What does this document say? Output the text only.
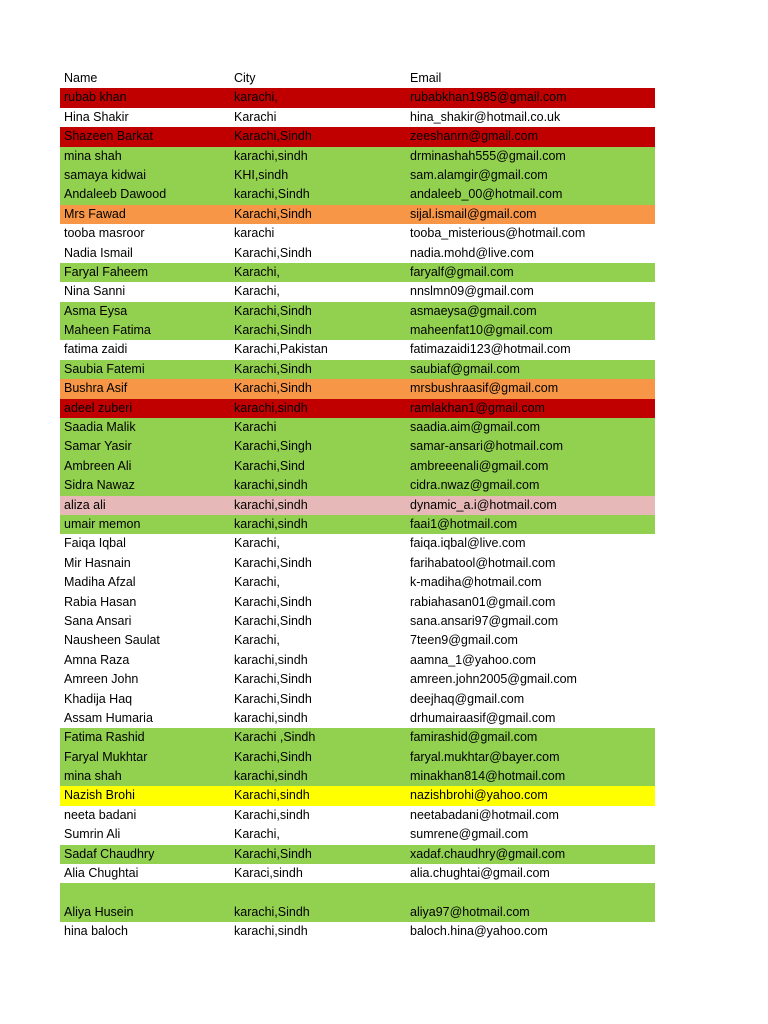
Name	City	Email
rubab khan	karachi,	rubabkhan1985@gmail.com
Hina Shakir	Karachi	hina_shakir@hotmail.co.uk
Shazeen Barkat	Karachi,Sindh	zeeshanrn@gmail.com
mina shah	karachi,sindh	drminashah555@gmail.com
samaya kidwai	KHI,sindh	sam.alamgir@gmail.com
Andaleeb Dawood	karachi,Sindh	andaleeb_00@hotmail.com
Mrs Fawad	Karachi,Sindh	sijal.ismail@gmail.com
tooba masroor	karachi	tooba_misterious@hotmail.com
Nadia Ismail	Karachi,Sindh	nadia.mohd@live.com
Faryal Faheem	Karachi,	faryalf@gmail.com
Nina Sanni	Karachi,	nnslmn09@gmail.com
Asma Eysa	Karachi,Sindh	asmaeysa@gmail.com
Maheen Fatima	Karachi,Sindh	maheenfat10@gmail.com
fatima zaidi	Karachi,Pakistan	fatimazaidi123@hotmail.com
Saubia Fatemi	Karachi,Sindh	saubiaf@gmail.com
Bushra Asif	Karachi,Sindh	mrsbushraasif@gmail.com
adeel zuberi	karachi,sindh	ramlakhan1@gmail.com
Saadia Malik	Karachi	saadia.aim@gmail.com
Samar Yasir	Karachi,Singh	samar-ansari@hotmail.com
Ambreen Ali	Karachi,Sind	ambreeenali@gmail.com
Sidra Nawaz	karachi,sindh	cidra.nwaz@gmail.com
aliza ali	karachi,sindh	dynamic_a.i@hotmail.com
umair memon	karachi,sindh	faai1@hotmail.com
Faiqa Iqbal	Karachi,	faiqa.iqbal@live.com
Mir Hasnain	Karachi,Sindh	farihabatool@hotmail.com
Madiha Afzal	Karachi,	k-madiha@hotmail.com
Rabia Hasan	Karachi,Sindh	rabiahasan01@gmail.com
Sana Ansari	Karachi,Sindh	sana.ansari97@gmail.com
Nausheen Saulat	Karachi,	7teen9@gmail.com
Amna Raza	karachi,sindh	aamna_1@yahoo.com
Amreen John	Karachi,Sindh	amreen.john2005@gmail.com
Khadija Haq	Karachi,Sindh	deejhaq@gmail.com
Assam Humaria	karachi,sindh	drhumairaasif@gmail.com
Fatima Rashid	Karachi ,Sindh	famirashid@gmail.com
Faryal Mukhtar	Karachi,Sindh	faryal.mukhtar@bayer.com
mina shah	karachi,sindh	minakhan814@hotmail.com
Nazish Brohi	Karachi,sindh	nazishbrohi@yahoo.com
neeta badani	Karachi,sindh	neetabadani@hotmail.com
Sumrin Ali	Karachi,	sumrene@gmail.com
Sadaf Chaudhry	Karachi,Sindh	xadaf.chaudhry@gmail.com
Alia Chughtai	Karaci,sindh	alia.chughtai@gmail.com
Aliya Husein	karachi,Sindh	aliya97@hotmail.com
hina baloch	karachi,sindh	baloch.hina@yahoo.com
